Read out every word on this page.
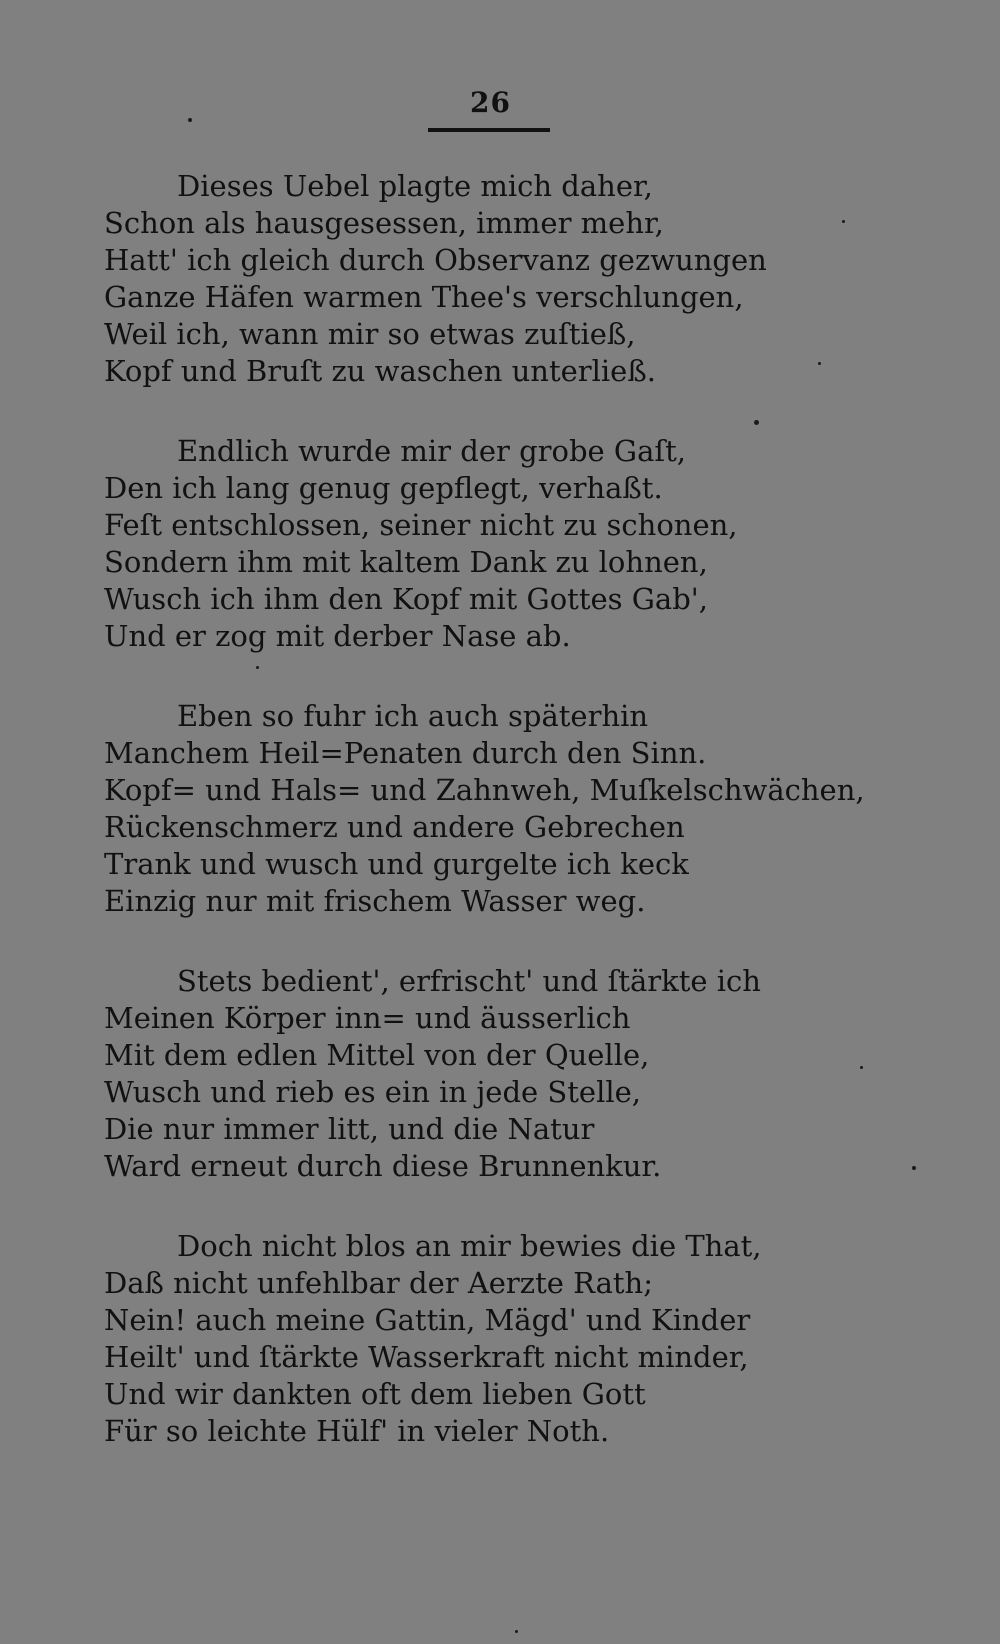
26
Dieses Uebel plagte mich daher,
Schon als hausgesessen, immer mehr,
Hatt' ich gleich durch Observanz gezwungen
Ganze Häfen warmen Thee's verschlungen,
Weil ich, wann mir so etwas zuſtieß,
Kopf und Bruſt zu waschen unterließ.
Endlich wurde mir der grobe Gaſt,
Den ich lang genug gepflegt, verhaßt.
Feſt entschlossen, seiner nicht zu schonen,
Sondern ihm mit kaltem Dank zu lohnen,
Wusch ich ihm den Kopf mit Gottes Gab',
Und er zog mit derber Nase ab.
Eben so fuhr ich auch späterhin
Manchem Heil=Penaten durch den Sinn.
Kopf= und Hals= und Zahnweh, Muſkelschwächen,
Rückenschmerz und andere Gebrechen
Trank und wusch und gurgelte ich keck
Einzig nur mit frischem Wasser weg.
Stets bedient', erfrischt' und ſtärkte ich
Meinen Körper inn= und äusserlich
Mit dem edlen Mittel von der Quelle,
Wusch und rieb es ein in jede Stelle,
Die nur immer litt, und die Natur
Ward erneut durch diese Brunnenkur.
Doch nicht blos an mir bewies die That,
Daß nicht unfehlbar der Aerzte Rath;
Nein! auch meine Gattin, Mägd' und Kinder
Heilt' und ſtärkte Wasserkraft nicht minder,
Und wir dankten oft dem lieben Gott
Für so leichte Hülf' in vieler Noth.
